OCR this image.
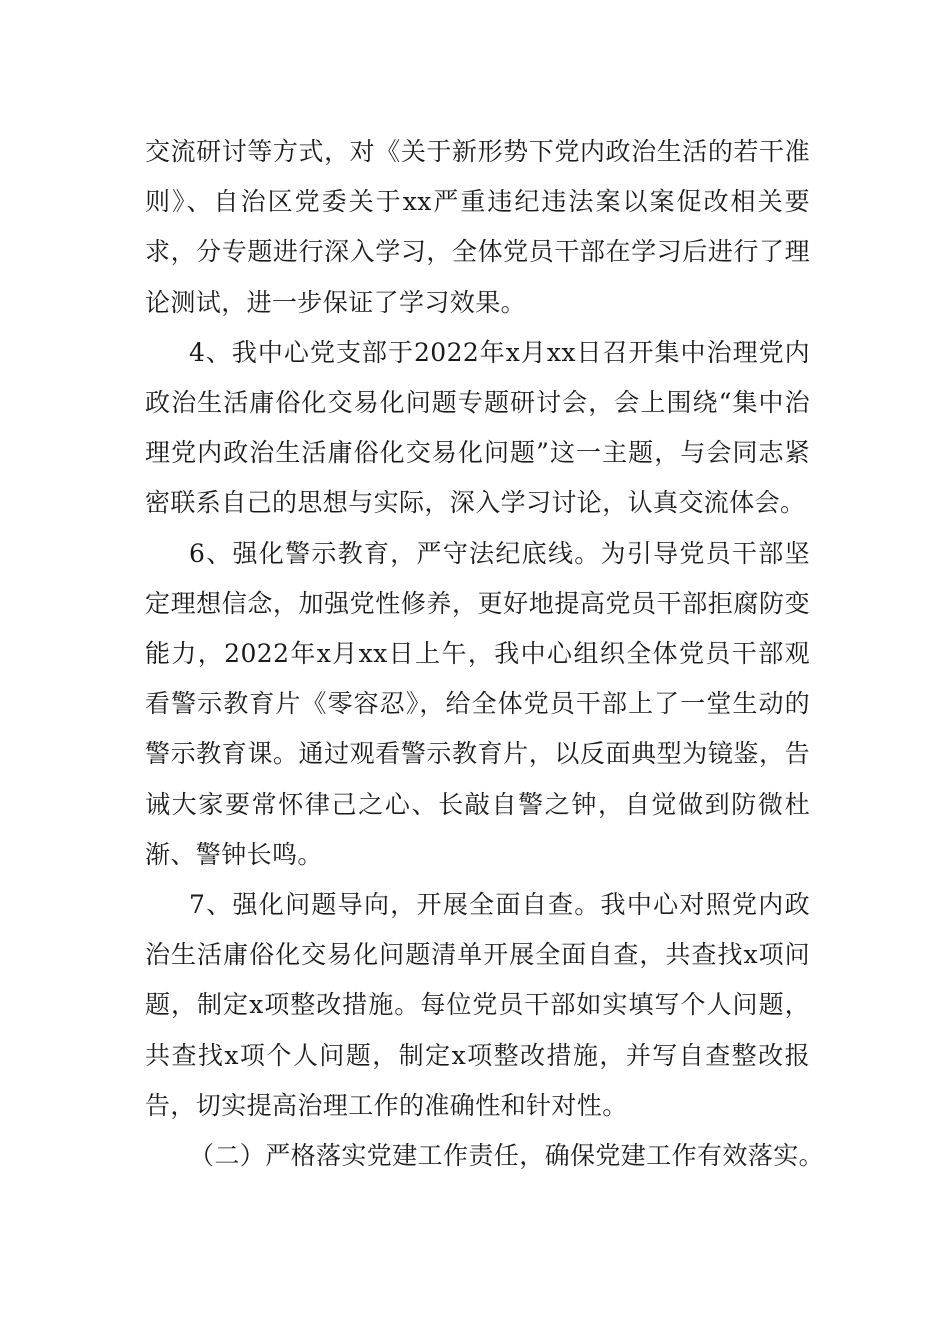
交流研讨等方式，对《关于新形势下党内政治生活的若干准则》、自治区党委关于xx严重违纪违法案以案促改相关要求，分专题进行深入学习，全体党员干部在学习后进行了理论测试，进一步保证了学习效果。

4、我中心党支部于2022年x月xx日召开集中治理党内政治生活庸俗化交易化问题专题研讨会，会上围绕“集中治理党内政治生活庸俗化交易化问题”这一主题，与会同志紧密联系自己的思想与实际，深入学习讨论，认真交流体会。

6、强化警示教育，严守法纪底线。为引导党员干部坚定理想信念，加强党性修养，更好地提高党员干部拒腐防变能力，2022年x月xx日上午，我中心组织全体党员干部观看警示教育片《零容忍》，给全体党员干部上了一堂生动的警示教育课。通过观看警示教育片，以反面典型为镜鉴，告诫大家要常怀律己之心、长敲自警之钟，自觉做到防微杜渐、警钟长鸣。

7、强化问题导向，开展全面自查。我中心对照党内政治生活庸俗化交易化问题清单开展全面自查，共查找x项问题，制定x项整改措施。每位党员干部如实填写个人问题，共查找x项个人问题，制定x项整改措施，并写自查整改报告，切实提高治理工作的准确性和针对性。

（二）严格落实党建工作责任，确保党建工作有效落实。
